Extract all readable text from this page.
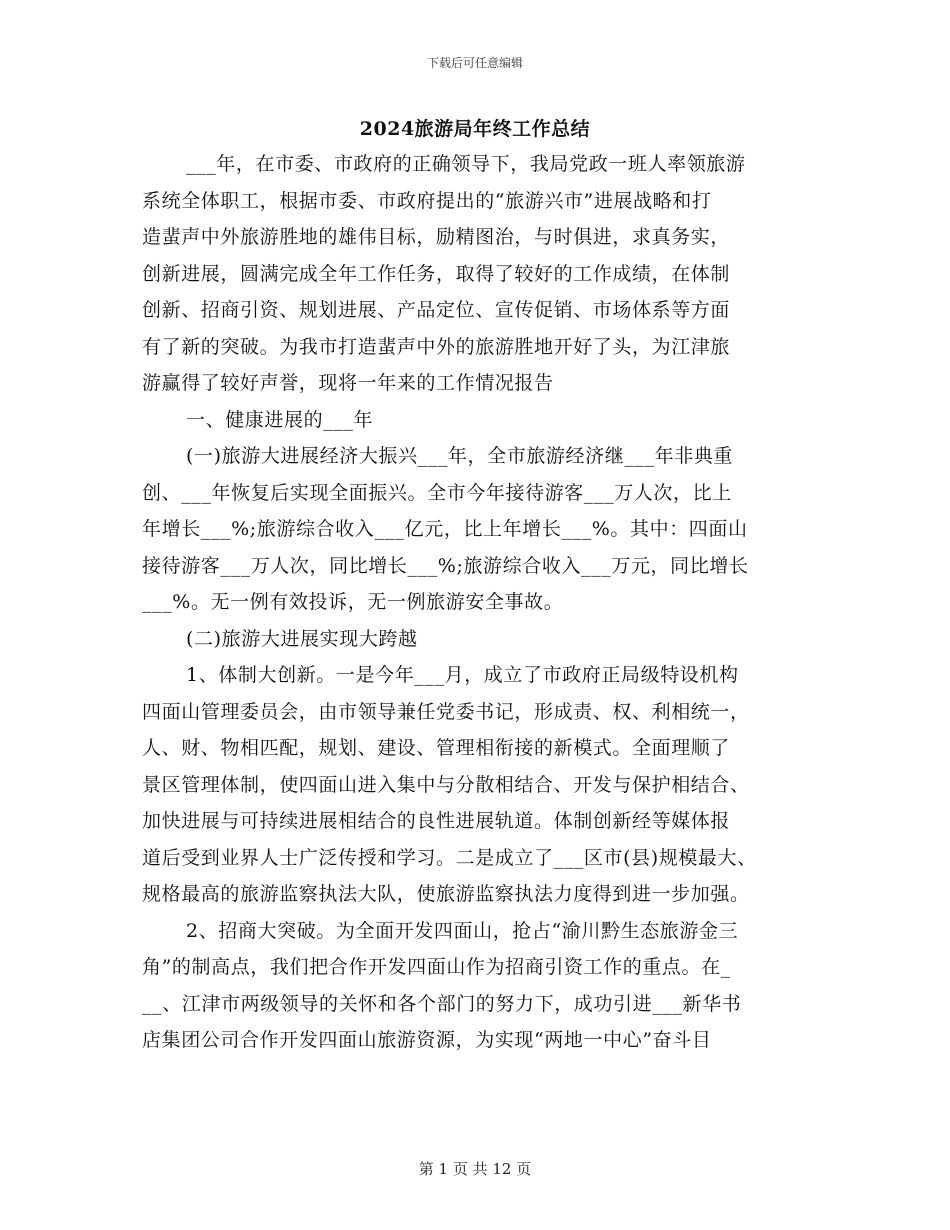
下载后可任意编辑
2024旅游局年终工作总结
___年，在市委、市政府的正确领导下，我局党政一班人率领旅游
系统全体职工，根据市委、市政府提出的“旅游兴市”进展战略和打
造蜚声中外旅游胜地的雄伟目标，励精图治，与时俱进，求真务实，
创新进展，圆满完成全年工作任务，取得了较好的工作成绩，在体制
创新、招商引资、规划进展、产品定位、宣传促销、市场体系等方面
有了新的突破。为我市打造蜚声中外的旅游胜地开好了头，为江津旅
游赢得了较好声誉，现将一年来的工作情况报告
一、健康进展的___年
(一)旅游大进展经济大振兴___年，全市旅游经济继___年非典重
创、___年恢复后实现全面振兴。全市今年接待游客___万人次，比上
年增长___%;旅游综合收入___亿元，比上年增长___%。其中：四面山
接待游客___万人次，同比增长___%;旅游综合收入___万元，同比增长
___%。无一例有效投诉，无一例旅游安全事故。
(二)旅游大进展实现大跨越
1、体制大创新。一是今年___月，成立了市政府正局级特设机构
四面山管理委员会，由市领导兼任党委书记，形成责、权、利相统一，
人、财、物相匹配，规划、建设、管理相衔接的新模式。全面理顺了
景区管理体制，使四面山进入集中与分散相结合、开发与保护相结合、
加快进展与可持续进展相结合的良性进展轨道。体制创新经等媒体报
道后受到业界人士广泛传授和学习。二是成立了___区市(县)规模最大、
规格最高的旅游监察执法大队，使旅游监察执法力度得到进一步加强。
2、招商大突破。为全面开发四面山，抢占“渝川黔生态旅游金三
角”的制高点，我们把合作开发四面山作为招商引资工作的重点。在_
__、江津市两级领导的关怀和各个部门的努力下，成功引进___新华书
店集团公司合作开发四面山旅游资源，为实现“两地一中心”奋斗目
第 1 页 共 12 页
